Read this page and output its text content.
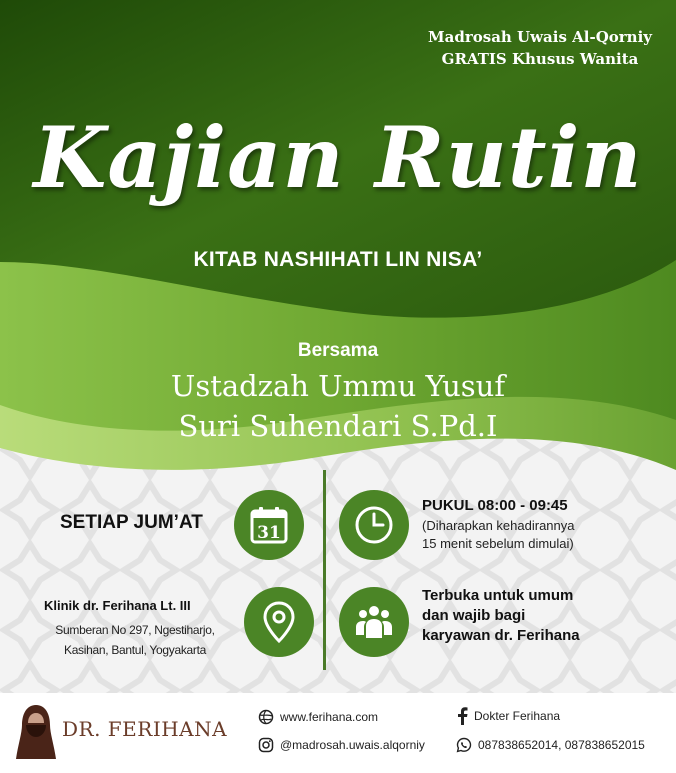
Madrosah Uwais Al-Qorniy
GRATIS Khusus Wanita
Kajian Rutin
KITAB NASHIHATI LIN NISA’
Bersama
Ustadzah Ummu Yusuf
Suri Suhendari S.Pd.I
SETIAP JUM’AT	31
PUKUL 08:00 - 09:45
(Diharapkan kehadirannya
15 menit sebelum dimulai)
Klinik dr. Ferihana Lt. III
Sumberan No 297, Ngestiharjo,
Kasihan, Bantul, Yogyakarta
Terbuka untuk umum
dan wajib bagi
karyawan dr. Ferihana
DR. FERIHANA	www.ferihana.com
@madrosah.uwais.alqorniy
Dokter Ferihana
087838652014, 087838652015
